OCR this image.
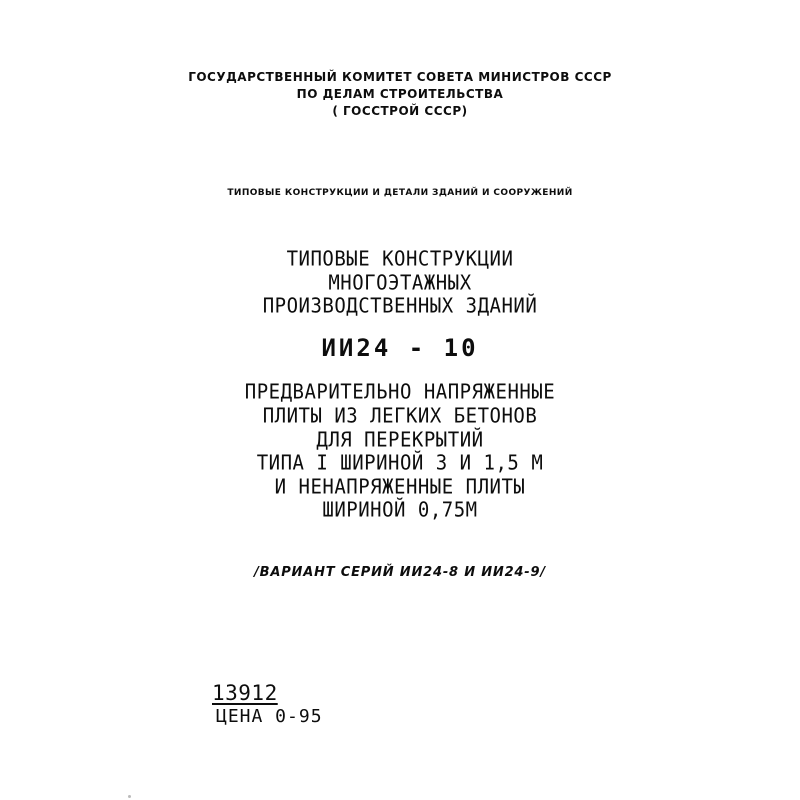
ГОСУДАРСТВЕННЫЙ КОМИТЕТ СОВЕТА МИНИСТРОВ СССР
ПО ДЕЛАМ СТРОИТЕЛЬСТВА
( ГОССТРОЙ СССР)
ТИПОВЫЕ КОНСТРУКЦИИ И ДЕТАЛИ ЗДАНИЙ И СООРУЖЕНИЙ
ТИПОВЫЕ КОНСТРУКЦИИ
МНОГОЭТАЖНЫХ
ПРОИЗВОДСТВЕННЫХ ЗДАНИЙ
ИИ24 - 10
ПРЕДВАРИТЕЛЬНО НАПРЯЖЕННЫЕ
ПЛИТЫ ИЗ ЛЕГКИХ БЕТОНОВ
ДЛЯ ПЕРЕКРЫТИЙ
ТИПА I ШИРИНОЙ 3 И 1,5 М
И НЕНАПРЯЖЕННЫЕ ПЛИТЫ
ШИРИНОЙ 0,75М
/ВАРИАНТ СЕРИЙ ИИ24-8 И ИИ24-9/
13912
ЦЕНА 0-95
